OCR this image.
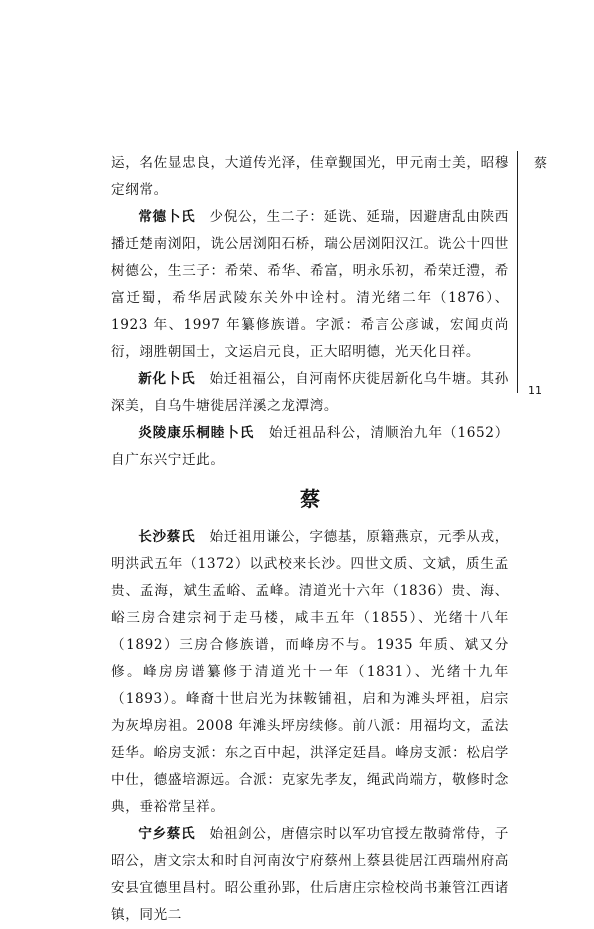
蔡
11

运，名佐显忠良，大道传光泽，佳章觐国光，甲元南士美，昭穆定纲常。

常德卜氏　 少倪公，生二子：延诜、延瑞，因避唐乱由陕西播迁楚南浏阳，诜公居浏阳石桥，瑞公居浏阳汉江。诜公十四世树德公，生三子：希荣、希华、希富，明永乐初，希荣迁澧，希富迁蜀，希华居武陵东关外中诠村。清光绪二年（1876）、1923 年、1997 年纂修族谱。字派：希言公彦诚，宏闻贞尚衍，翊胜朝国士，文运启元良，正大昭明德，光天化日祥。

新化卜氏　 始迁祖福公，自河南怀庆徙居新化乌牛塘。其孙深美，自乌牛塘徙居洋溪之龙潭湾。

炎陵康乐桐睦卜氏　 始迁祖品科公，清顺治九年（1652）自广东兴宁迁此。

蔡

长沙蔡氏　 始迁祖用谦公，字德基，原籍燕京，元季从戎，明洪武五年（1372）以武校来长沙。四世文质、文斌，质生孟贵、孟海，斌生孟峪、孟峰。清道光十六年（1836）贵、海、峪三房合建宗祠于走马楼，咸丰五年（1855）、光绪十八年（1892）三房合修族谱，而峰房不与。1935 年质、斌又分修。峰房房谱纂修于清道光十一年（1831）、光绪十九年（1893）。峰裔十世启光为抹鞍铺祖，启和为滩头坪祖，启宗为灰埠房祖。2008 年滩头坪房续修。前八派：用福均文，孟法廷华。峪房支派：东之百中起，洪泽定廷昌。峰房支派：松启学中仕，德盛培源远。合派：克家先孝友，绳武尚端方，敬修时念典，垂裕常呈祥。

宁乡蔡氏　 始祖剑公，唐僖宗时以军功官授左散骑常侍，子昭公，唐文宗太和时自河南汝宁府蔡州上蔡县徙居江西瑞州府高安县宜德里昌村。昭公重孙郢，仕后唐庄宗检校尚书兼管江西诸镇，同光二
